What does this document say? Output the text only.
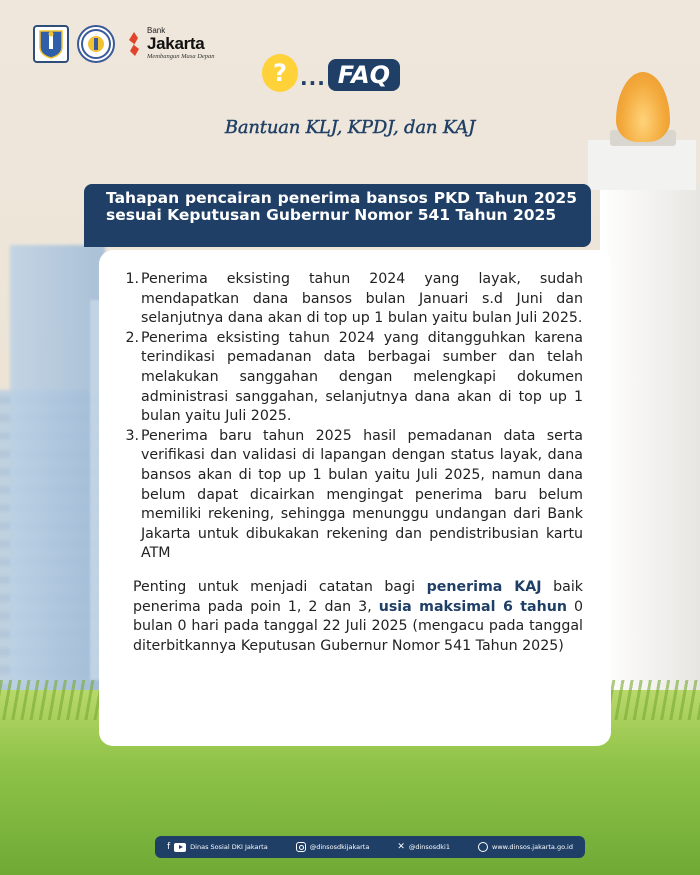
Bank
Jakarta
Membangun Masa Depan
? ... FAQ
Bantuan KLJ, KPDJ, dan KAJ

Tahapan pencairan penerima bansos PKD Tahun 2025 sesuai Keputusan Gubernur Nomor 541 Tahun 2025

1. Penerima eksisting tahun 2024 yang layak, sudah mendapatkan dana bansos bulan Januari s.d Juni dan selanjutnya dana akan di top up 1 bulan yaitu bulan Juli 2025.
2. Penerima eksisting tahun 2024 yang ditangguhkan karena terindikasi pemadanan data berbagai sumber dan telah melakukan sanggahan dengan melengkapi dokumen administrasi sanggahan, selanjutnya dana akan di top up 1 bulan yaitu Juli 2025.
3. Penerima baru tahun 2025 hasil pemadanan data serta verifikasi dan validasi di lapangan dengan status layak, dana bansos akan di top up 1 bulan yaitu Juli 2025, namun dana belum dapat dicairkan mengingat penerima baru belum memiliki rekening, sehingga menunggu undangan dari Bank Jakarta untuk dibukakan rekening dan pendistribusian kartu ATM

Penting untuk menjadi catatan bagi penerima KAJ baik penerima pada poin 1, 2 dan 3, usia maksimal 6 tahun 0 bulan 0 hari pada tanggal 22 Juli 2025 (mengacu pada tanggal diterbitkannya Keputusan Gubernur Nomor 541 Tahun 2025)

f	Dinas Sosial DKI Jakarta	@dinsosdkijakarta	✕ @dinsosdki1	www.dinsos.jakarta.go.id
